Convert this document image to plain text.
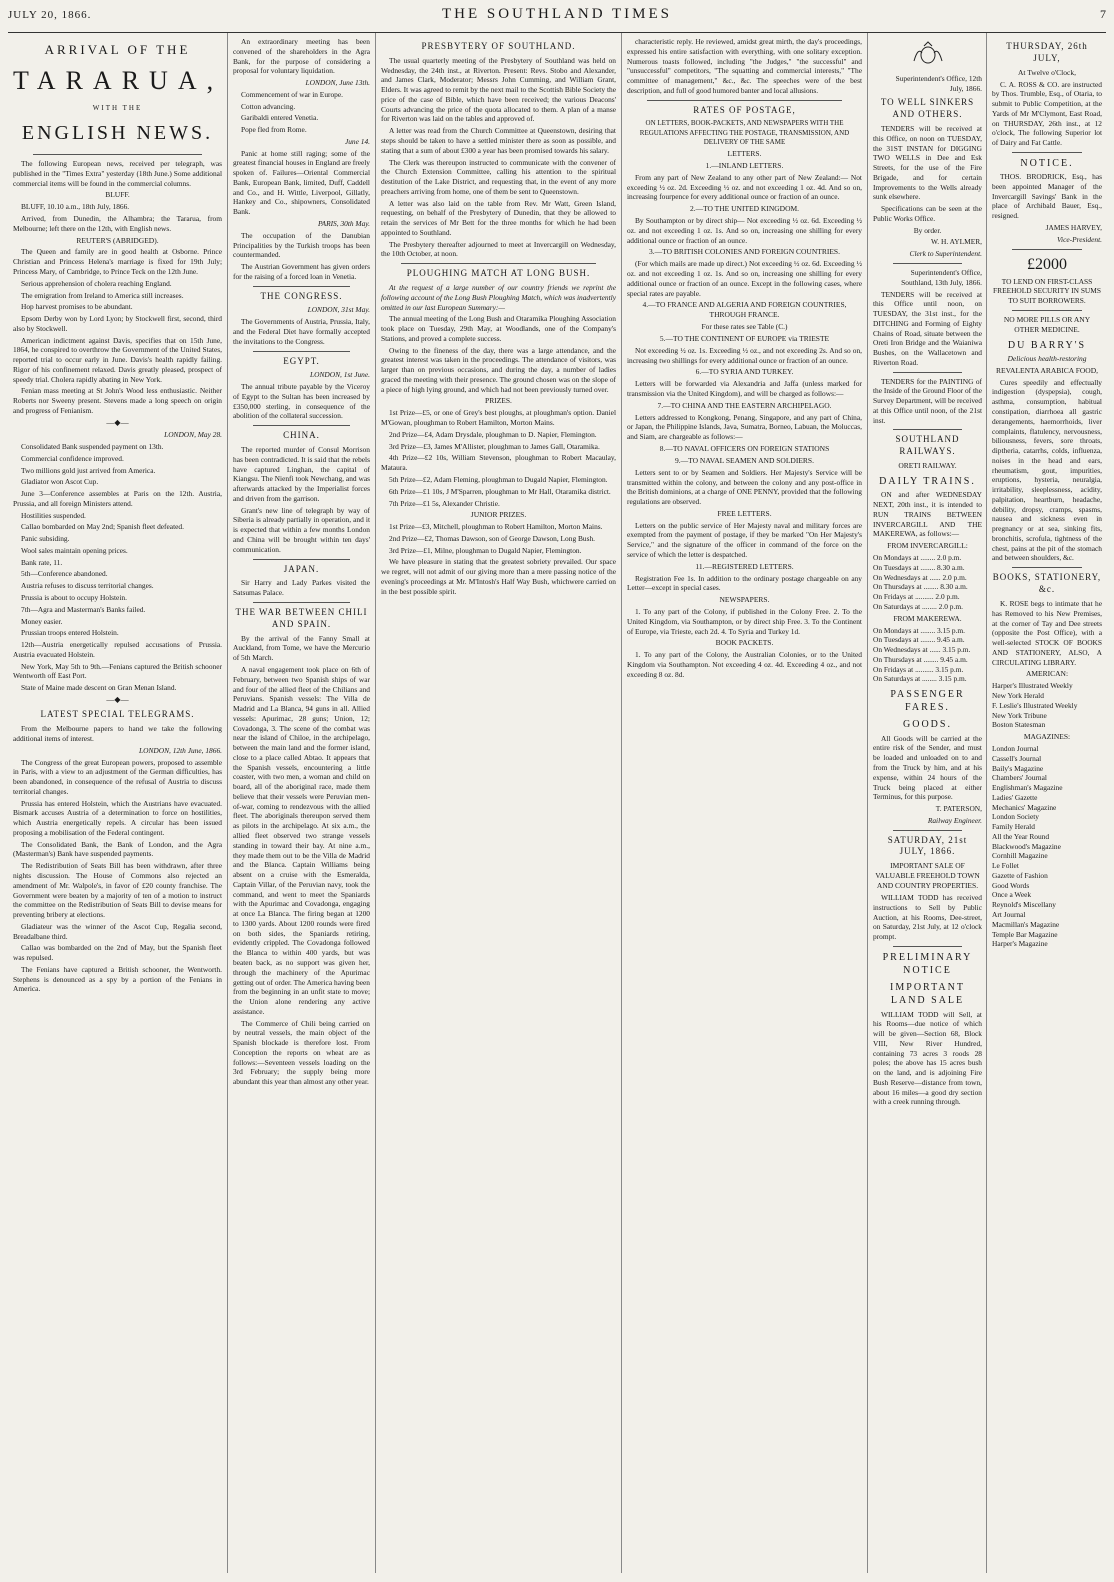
JULY 20, 1866.	THE SOUTHLAND TIMES	7
ARRIVAL OF THE
TARARUA,
WITH THE
ENGLISH NEWS.

The following European news, received per telegraph, was published in the "Times Extra" yesterday (18th June.) Some additional commercial items will be found in the commercial columns.

BLUFF.

BLUFF, 10.10 a.m., 18th July, 1866.

Arrived, from Dunedin, the Alhambra; the Tararua, from Melbourne; left there on the 12th, with English news.

REUTER'S (ABRIDGED).

The Queen and family are in good health at Osborne. Prince Christian and Princess Helena's marriage is fixed for 19th July; Princess Mary, of Cambridge, to Prince Teck on the 12th June.

Serious apprehension of cholera reaching England.

The emigration from Ireland to America still increases.

Hop harvest promises to be abundant.

Epsom Derby won by Lord Lyon; by Stockwell first, second, third also by Stockwell.

American indictment against Davis, specifies that on 15th June, 1864, he conspired to overthrow the Government of the United States, reported trial to occur early in June. Davis's health rapidly failing. Rigor of his confinement relaxed. Davis greatly pleased, prospect of speedy trial. Cholera rapidly abating in New York.

Fenian mass meeting at St John's Wood less enthusiastic. Neither Roberts nor Sweeny present. Stevens made a long speech on origin and progress of Fenianism.

—◆—
LONDON, May 28.

Consolidated Bank suspended payment on 13th.

Commercial confidence improved.

Two millions gold just arrived from America.

Gladiator won Ascot Cup.

June 3—Conference assembles at Paris on the 12th. Austria, Prussia, and all foreign Ministers attend.

Hostilities suspended.

Callao bombarded on May 2nd; Spanish fleet defeated.

Panic subsiding.

Wool sales maintain opening prices.

Bank rate, 11.

5th—Conference abandoned.

Austria refuses to discuss territorial changes.

Prussia is about to occupy Holstein.

7th—Agra and Masterman's Banks failed.

Money easier.

Prussian troops entered Holstein.

12th—Austria energetically repulsed accusations of Prussia. Austria evacuated Holstein.

New York, May 5th to 9th.—Fenians captured the British schooner Wentworth off East Port.

State of Maine made descent on Gran Menan Island.

—◆—
LATEST SPECIAL TELEGRAMS.

From the Melbourne papers to hand we take the following additional items of interest.

LONDON, 12th June, 1866.

The Congress of the great European powers, proposed to assemble in Paris, with a view to an adjustment of the German difficulties, has been abandoned, in consequence of the refusal of Austria to discuss territorial changes.

Prussia has entered Holstein, which the Austrians have evacuated. Bismark accuses Austria of a determination to force on hostilities, which Austria energetically repels. A circular has been issued proposing a mobilisation of the Federal contingent.

The Consolidated Bank, the Bank of London, and the Agra (Masterman's) Bank have suspended payments.

The Redistribution of Seats Bill has been withdrawn, after three nights discussion. The House of Commons also rejected an amendment of Mr. Walpole's, in favor of £20 county franchise. The Government were beaten by a majority of ten of a motion to instruct the committee on the Redistribution of Seats Bill to devise means for preventing bribery at elections.

Gladiateur was the winner of the Ascot Cup, Regalia second, Breadalbane third.

Callao was bombarded on the 2nd of May, but the Spanish fleet was repulsed.

The Fenians have captured a British schooner, the Wentworth. Stephens is denounced as a spy by a portion of the Fenians in America.

An extraordinary meeting has been convened of the shareholders in the Agra Bank, for the purpose of considering a proposal for voluntary liquidation.

LONDON, June 13th.

Commencement of war in Europe.

Cotton advancing.

Garibaldi entered Venetia.

Pope fled from Rome.

June 14.

Panic at home still raging; some of the greatest financial houses in England are freely spoken of. Failures—Oriental Commercial Bank, European Bank, limited, Duff, Caddell and Co., and H. Wittle, Liverpool, Gillatly, Hankey and Co., shipowners, Consolidated Bank.

PARIS, 30th May.

The occupation of the Danubian Principalities by the Turkish troops has been countermanded.

The Austrian Government has given orders for the raising of a forced loan in Venetia.

THE CONGRESS.
LONDON, 31st May.

The Governments of Austria, Prussia, Italy, and the Federal Diet have formally accepted the invitations to the Congress.

EGYPT.
LONDON, 1st June.

The annual tribute payable by the Viceroy of Egypt to the Sultan has been increased by £350,000 sterling, in consequence of the abolition of the collateral succession.

CHINA.

The reported murder of Consul Morrison has been contradicted. It is said that the rebels have captured Linghan, the capital of Kiangsu. The Nienfi took Newchang, and was afterwards attacked by the Imperialist forces and driven from the garrison.

Grant's new line of telegraph by way of Siberia is already partially in operation, and it is expected that within a few months London and China will be brought within ten days' communication.

JAPAN.

Sir Harry and Lady Parkes visited the Satsumas Palace.

THE WAR BETWEEN CHILI AND SPAIN.

By the arrival of the Fanny Small at Auckland, from Tome, we have the Mercurio of 5th March.

A naval engagement took place on 6th of February, between two Spanish ships of war and four of the allied fleet of the Chilians and Peruvians. Spanish vessels: The Villa de Madrid and La Blanca, 94 guns in all. Allied vessels: Apurimac, 28 guns; Union, 12; Covadonga, 3. The scene of the combat was near the island of Chiloe, in the archipelago, between the main land and the former island, close to a place called Abtao. It appears that the Spanish vessels, encountering a little coaster, with two men, a woman and child on board, all of the aboriginal race, made them believe that their vessels were Peruvian men-of-war, coming to rendezvous with the allied fleet. The aboriginals thereupon served them as pilots in the archipelago. At six a.m., the allied fleet observed two strange vessels standing in toward their bay. At nine a.m., they made them out to be the Villa de Madrid and the Blanca. Captain Williams being absent on a cruise with the Esmeralda, Captain Villar, of the Peruvian navy, took the command, and went to meet the Spaniards with the Apurimac and Covadonga, engaging at once La Blanca. The firing began at 1200 to 1300 yards. About 1200 rounds were fired on both sides, the Spaniards retiring, evidently crippled. The Covadonga followed the Blanca to within 400 yards, but was beaten back, as no support was given her, through the machinery of the Apurimac getting out of order. The America having been from the beginning in an unfit state to move; the Union alone rendering any active assistance.

The Commerce of Chili being carried on by neutral vessels, the main object of the Spanish blockade is therefore lost. From Conception the reports on wheat are as follows:—Seventeen vessels loading on the 3rd February; the supply being more abundant this year than almost any other year.

PRESBYTERY OF SOUTHLAND.

The usual quarterly meeting of the Presbytery of Southland was held on Wednesday, the 24th inst., at Riverton. Present: Revs. Stobo and Alexander, and James Clark, Moderator; Messrs John Cumming, and William Grant, Elders. It was agreed to remit by the next mail to the Scottish Bible Society the price of the case of Bible, which have been received; the various Deacons' Courts advancing the price of the quota allocated to them. A plan of a manse for Riverton was laid on the tables and approved of.

A letter was read from the Church Committee at Queenstown, desiring that steps should be taken to have a settled minister there as soon as possible, and stating that a sum of about £300 a year has been promised towards his salary.

The Clerk was thereupon instructed to communicate with the convener of the Church Extension Committee, calling his attention to the spiritual destitution of the Lake District, and requesting that, in the event of any more preachers arriving from home, one of them be sent to Queenstown.

A letter was also laid on the table from Rev. Mr Watt, Green Island, requesting, on behalf of the Presbytery of Dunedin, that they be allowed to retain the services of Mr Bett for the three months for which he had been appointed to Southland.

The Presbytery thereafter adjourned to meet at Invercargill on Wednesday, the 10th October, at noon.

PLOUGHING MATCH AT LONG BUSH.

At the request of a large number of our country friends we reprint the following account of the Long Bush Ploughing Match, which was inadvertently omitted in our last European Summary:—

The annual meeting of the Long Bush and Otaramika Ploughing Association took place on Tuesday, 29th May, at Woodlands, one of the Company's Stations, and proved a complete success.

Owing to the fineness of the day, there was a large attendance, and the greatest interest was taken in the proceedings. The attendance of visitors, was larger than on previous occasions, and during the day, a number of ladies graced the meeting with their presence. The ground chosen was on the slope of a piece of high lying ground, and which had not been previously turned over.

PRIZES.

1st Prize—£5, or one of Grey's best ploughs, at ploughman's option. Daniel M'Gowan, ploughman to Robert Hamilton, Morton Mains.

2nd Prize—£4, Adam Drysdale, ploughman to D. Napier, Flemington.

3rd Prize—£3, James M'Allister, ploughman to James Gall, Otaramika.

4th Prize—£2 10s, William Stevenson, ploughman to Robert Macaulay, Mataura.

5th Prize—£2, Adam Fleming, ploughman to Dugald Napier, Flemington.

6th Prize—£1 10s, J M'Sparren, ploughman to Mr Hall, Otaramika district.

7th Prize—£1 5s, Alexander Christie.

JUNIOR PRIZES.

1st Prize—£3, Mitchell, ploughman to Robert Hamilton, Morton Mains.

2nd Prize—£2, Thomas Dawson, son of George Dawson, Long Bush.

3rd Prize—£1, Milne, ploughman to Dugald Napier, Flemington.

We have pleasure in stating that the greatest sobriety prevailed. Our space we regret, will not admit of our giving more than a mere passing notice of the evening's proceedings at Mr. M'Intosh's Half Way Bush, whichwere carried on in the best possible spirit.

characteristic reply. He reviewed, amidst great mirth, the day's proceedings, expressed his entire satisfaction with everything, with one solitary exception. Numerous toasts followed, including "the Judges," "the successful" and "unsuccessful" competitors, "The squatting and commercial interests," "The committee of management," &c., &c. The speeches were of the best description, and full of good humored banter and local allusions.

RATES OF POSTAGE,
ON LETTERS, BOOK-PACKETS, AND NEWSPAPERS WITH THE REGULATIONS AFFECTING THE POSTAGE, TRANSMISSION, AND DELIVERY OF THE SAME
LETTERS.
1.—INLAND LETTERS.

From any part of New Zealand to any other part of New Zealand:— Not exceeding ½ oz. 2d. Exceeding ½ oz. and not exceeding 1 oz. 4d. And so on, increasing fourpence for every additional ounce or fraction of an ounce.

2.—TO THE UNITED KINGDOM.

By Southampton or by direct ship— Not exceeding ½ oz. 6d. Exceeding ½ oz. and not exceeding 1 oz. 1s. And so on, increasing one shilling for every additional ounce or fraction of an ounce.

3.—TO BRITISH COLONIES AND FOREIGN COUNTRIES.

(For which mails are made up direct.) Not exceeding ½ oz. 6d. Exceeding ½ oz. and not exceeding 1 oz. 1s. And so on, increasing one shilling for every additional ounce or fraction of an ounce. Except in the following cases, where special rates are payable.

4.—TO FRANCE AND ALGERIA AND FOREIGN COUNTRIES, THROUGH FRANCE.

For these rates see Table (C.)

5.—TO THE CONTINENT OF EUROPE via TRIESTE

Not exceeding ½ oz. 1s. Exceeding ½ oz., and not exceeding 2s. And so on, increasing two shillings for every additional ounce or fraction of an ounce.

6.—TO SYRIA AND TURKEY.

Letters will be forwarded via Alexandria and Jaffa (unless marked for transmission via the United Kingdom), and will be charged as follows:—

7.—TO CHINA AND THE EASTERN ARCHIPELAGO.

Letters addressed to Kongkong, Penang, Singapore, and any part of China, or Japan, the Philippine Islands, Java, Sumatra, Borneo, Labuan, the Moluccas, and Siam, are chargeable as follows:—

8.—TO NAVAL OFFICERS ON FOREIGN STATIONS
9.—TO NAVAL SEAMEN AND SOLDIERS.

Letters sent to or by Seamen and Soldiers. Her Majesty's Service will be transmitted within the colony, and between the colony and any post-office in the British dominions, at a charge of ONE PENNY, provided that the following regulations are observed.

FREE LETTERS.

Letters on the public service of Her Majesty naval and military forces are exempted from the payment of postage, if they be marked "On Her Majesty's Service," and the signature of the officer in command of the force on the service of which the letter is despatched.

11.—REGISTERED LETTERS.

Registration Fee 1s. In addition to the ordinary postage chargeable on any Letter—except in special cases.

NEWSPAPERS.

1. To any part of the Colony, if published in the Colony Free. 2. To the United Kingdom, via Southampton, or by direct ship Free. 3. To the Continent of Europe, via Trieste, each 2d. 4. To Syria and Turkey 1d.

BOOK PACKETS.

1. To any part of the Colony, the Australian Colonies, or to the United Kingdom via Southampton. Not exceeding 4 oz. 4d. Exceeding 4 oz., and not exceeding 8 oz. 8d.

Superintendent's Office, 12th July, 1866.

TO WELL SINKERS AND OTHERS.

TENDERS will be received at this Office, on noon on TUESDAY, the 31ST INSTAN for DIGGING TWO WELLS in Dee and Esk Streets, for the use of the Fire Brigade, and for certain Improvements to the Wells already sunk elsewhere.

Specifications can be seen at the Public Works Office.

By order.

W. H. AYLMER,

Clerk to Superintendent.

Superintendent's Office, Southland, 13th July, 1866.

TENDERS will be received at this Office until noon, on TUESDAY, the 31st inst., for the DITCHING and Forming of Eighty Chains of Road, situate between the Oreti Iron Bridge and the Waianiwa Bushes, on the Wallacetown and Riverton Road.

TENDERS for the PAINTING of the Inside of the Ground Floor of the Survey Department, will be received at this Office until noon, of the 21st inst.

SOUTHLAND RAILWAYS.
ORETI RAILWAY.
DAILY TRAINS.

ON and after WEDNESDAY NEXT, 20th inst., it is intended to RUN TRAINS BETWEEN INVERCARGILL AND THE MAKEREWA, as follows:—

FROM INVERCARGILL:
On Mondays at ........ 2.0 p.m.
On Tuesdays at ........ 8.30 a.m.
On Wednesdays at ...... 2.0 p.m.
On Thursdays at ........ 8.30 a.m.
On Fridays at .......... 2.0 p.m.
On Saturdays at ........ 2.0 p.m.
FROM MAKEREWA.
On Mondays at ........ 3.15 p.m.
On Tuesdays at ........ 9.45 a.m.
On Wednesdays at ...... 3.15 p.m.
On Thursdays at ........ 9.45 a.m.
On Fridays at .......... 3.15 p.m.
On Saturdays at ........ 3.15 p.m.
PASSENGER FARES.
GOODS.

All Goods will be carried at the entire risk of the Sender, and must be loaded and unloaded on to and from the Truck by him, and at his expense, within 24 hours of the Truck being placed at either Terminus, for this purpose.

T. PATERSON,

Railway Engineer.

SATURDAY, 21st JULY, 1866.
IMPORTANT SALE OF VALUABLE FREEHOLD TOWN AND COUNTRY PROPERTIES.

WILLIAM TODD has received instructions to Sell by Public Auction, at his Rooms, Dee-street, on Saturday, 21st July, at 12 o'clock prompt.

PRELIMINARY NOTICE
IMPORTANT LAND SALE

WILLIAM TODD will Sell, at his Rooms—due notice of which will be given—Section 68, Block VIII, New River Hundred, containing 73 acres 3 roods 28 poles; the above has 15 acres bush on the land, and is adjoining Fire Bush Reserve—distance from town, about 16 miles—a good dry section with a creek running through.

THURSDAY, 26th JULY,
At Twelve o'Clock,

C. A. ROSS & CO. are instructed by Thos. Trumble, Esq., of Otaria, to submit to Public Competition, at the Yards of Mr M'Clymont, East Road, on THURSDAY, 26th inst., at 12 o'clock, The following Superior lot of Dairy and Fat Cattle.

NOTICE.

THOS. BRODRICK, Esq., has been appointed Manager of the Invercargill Savings' Bank in the place of Archibald Bauer, Esq., resigned.

JAMES HARVEY,

Vice-President.

£2000

TO LEND ON FIRST-CLASS FREEHOLD SECURITY IN SUMS TO SUIT BORROWERS.

NO MORE PILLS OR ANY OTHER MEDICINE.
DU BARRY'S
Delicious health-restoring
REVALENTA ARABICA FOOD,

Cures speedily and effectually indigestion (dyspepsia), cough, asthma, consumption, habitual constipation, diarrhoea all gastric derangements, haemorrhoids, liver complaints, flatulency, nervousness, biliousness, fevers, sore throats, diptheria, catarrhs, colds, influenza, noises in the head and ears, rheumatism, gout, impurities, eruptions, hysteria, neuralgia, irritability, sleeplessness, acidity, palpitation, heartburn, headache, debility, dropsy, cramps, spasms, nausea and sickness even in pregnancy or at sea, sinking fits, bronchitis, scrofula, tightness of the chest, pains at the pit of the stomach and between shoulders, &c.

BOOKS, STATIONERY, &c.

K. ROSE begs to intimate that he has Removed to his New Premises, at the corner of Tay and Dee streets (opposite the Post Office), with a well-selected STOCK OF BOOKS AND STATIONERY, ALSO, A CIRCULATING LIBRARY.

AMERICAN:
Harper's Illustrated Weekly
New York Herald
F. Leslie's Illustrated Weekly
New York Tribune
Boston Statesman
MAGAZINES:
London Journal
Cassell's Journal
Baily's Magazine
Chambers' Journal
Englishman's Magazine
Ladies' Gazette
Mechanics' Magazine
London Society
Family Herald
All the Year Round
Blackwood's Magazine
Cornhill Magazine
Le Follet
Gazette of Fashion
Good Words
Once a Week
Reynold's Miscellany
Art Journal
Macmillan's Magazine
Temple Bar Magazine
Harper's Magazine
